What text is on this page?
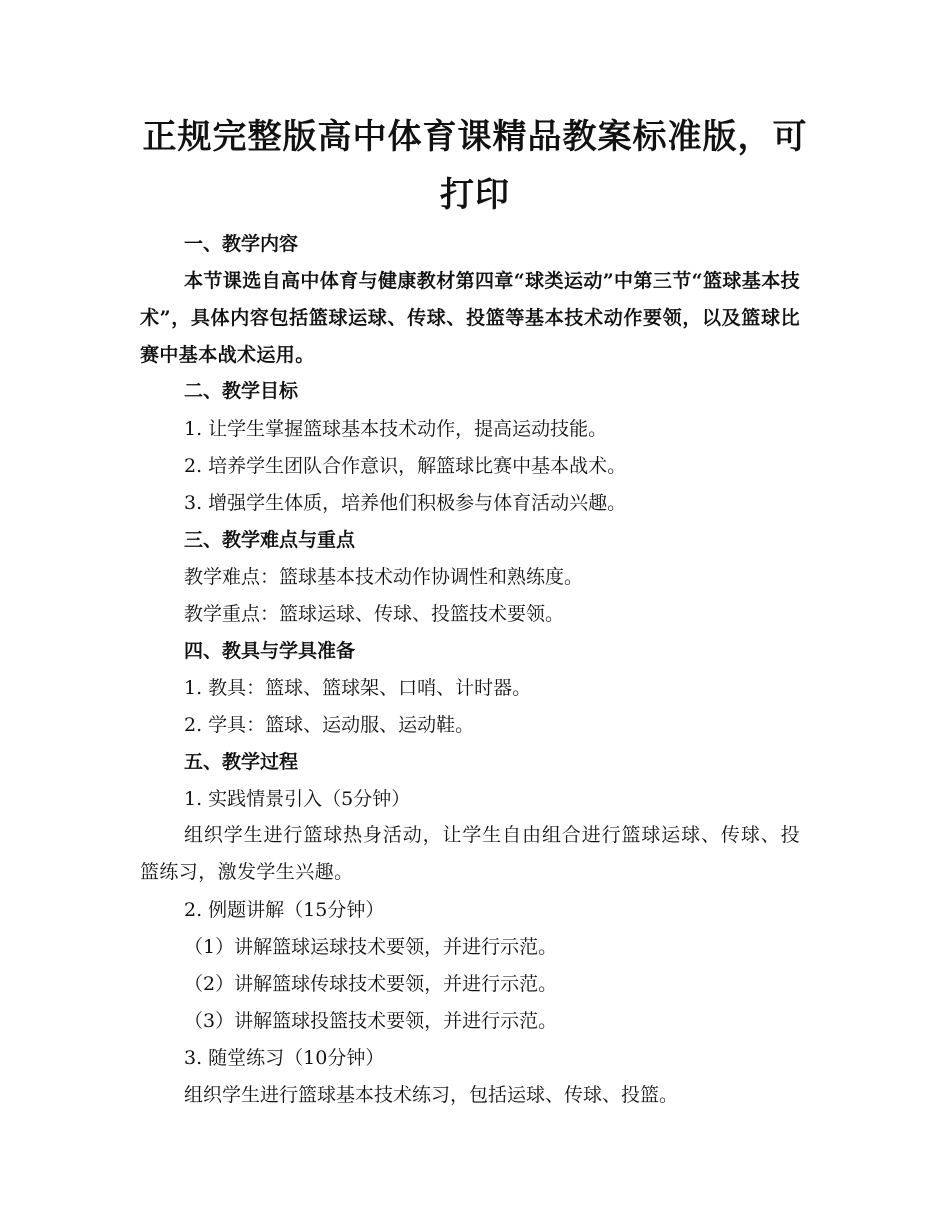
正规完整版高中体育课精品教案标准版，可打印
一、教学内容
本节课选自高中体育与健康教材第四章“球类运动”中第三节“篮球基本技术”，具体内容包括篮球运球、传球、投篮等基本技术动作要领，以及篮球比赛中基本战术运用。
二、教学目标
1. 让学生掌握篮球基本技术动作，提高运动技能。
2. 培养学生团队合作意识，解篮球比赛中基本战术。
3. 增强学生体质，培养他们积极参与体育活动兴趣。
三、教学难点与重点
教学难点：篮球基本技术动作协调性和熟练度。
教学重点：篮球运球、传球、投篮技术要领。
四、教具与学具准备
1. 教具：篮球、篮球架、口哨、计时器。
2. 学具：篮球、运动服、运动鞋。
五、教学过程
1. 实践情景引入（5分钟）
组织学生进行篮球热身活动，让学生自由组合进行篮球运球、传球、投篮练习，激发学生兴趣。
2. 例题讲解（15分钟）
（1）讲解篮球运球技术要领，并进行示范。
（2）讲解篮球传球技术要领，并进行示范。
（3）讲解篮球投篮技术要领，并进行示范。
3. 随堂练习（10分钟）
组织学生进行篮球基本技术练习，包括运球、传球、投篮。
